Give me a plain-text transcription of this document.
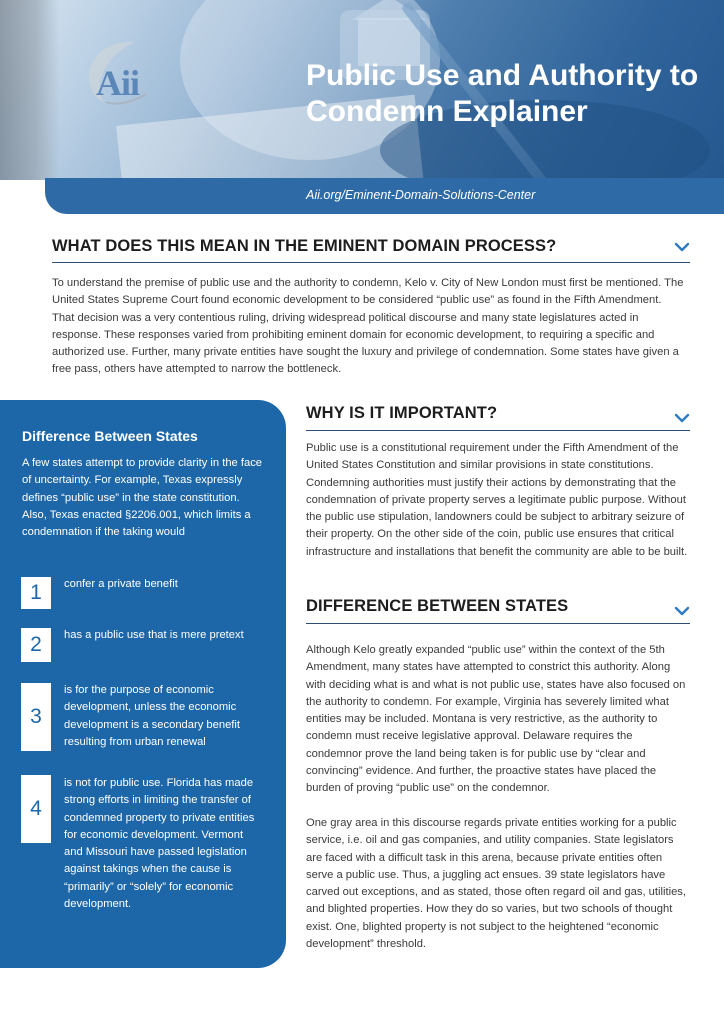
Aii	Public Use and Authority to Condemn Explainer
Aii.org/Eminent-Domain-Solutions-Center
WHAT DOES THIS MEAN IN THE EMINENT DOMAIN PROCESS?
To understand the premise of public use and the authority to condemn, Kelo v. City of New London must first be mentioned. The United States Supreme Court found economic development to be considered “public use” as found in the Fifth Amendment. That decision was a very contentious ruling, driving widespread political discourse and many state legislatures acted in response. These responses varied from prohibiting eminent domain for economic development, to requiring a specific and authorized use. Further, many private entities have sought the luxury and privilege of condemnation. Some states have given a free pass, others have attempted to narrow the bottleneck.
Difference Between States
A few states attempt to provide clarity in the face of uncertainty. For example, Texas expressly defines “public use” in the state constitution. Also, Texas enacted §2206.001, which limits a condemnation if the taking would
1	confer a private benefit
2	has a public use that is mere pretext
3
is for the purpose of economic development, unless the economic development is a secondary benefit resulting from urban renewal
4
is not for public use. Florida has made strong efforts in limiting the transfer of condemned property to private entities for economic development. Vermont and Missouri have passed legislation against takings when the cause is “primarily” or “solely” for economic development.
WHY IS IT IMPORTANT?
Public use is a constitutional requirement under the Fifth Amendment of the United States Constitution and similar provisions in state constitutions. Condemning authorities must justify their actions by demonstrating that the condemnation of private property serves a legitimate public purpose. Without the public use stipulation, landowners could be subject to arbitrary seizure of their property. On the other side of the coin, public use ensures that critical infrastructure and installations that benefit the community are able to be built.
DIFFERENCE BETWEEN STATES
Although Kelo greatly expanded “public use” within the context of the 5th Amendment, many states have attempted to constrict this authority. Along with deciding what is and what is not public use, states have also focused on the authority to condemn. For example, Virginia has severely limited what entities may be included. Montana is very restrictive, as the authority to condemn must receive legislative approval. Delaware requires the condemnor prove the land being taken is for public use by “clear and convincing” evidence. And further, the proactive states have placed the burden of proving “public use” on the condemnor.
One gray area in this discourse regards private entities working for a public service, i.e. oil and gas companies, and utility companies. State legislators are faced with a difficult task in this arena, because private entities often serve a public use. Thus, a juggling act ensues. 39 state legislators have carved out exceptions, and as stated, those often regard oil and gas, utilities, and blighted properties. How they do so varies, but two schools of thought exist. One, blighted property is not subject to the heightened “economic development” threshold.
